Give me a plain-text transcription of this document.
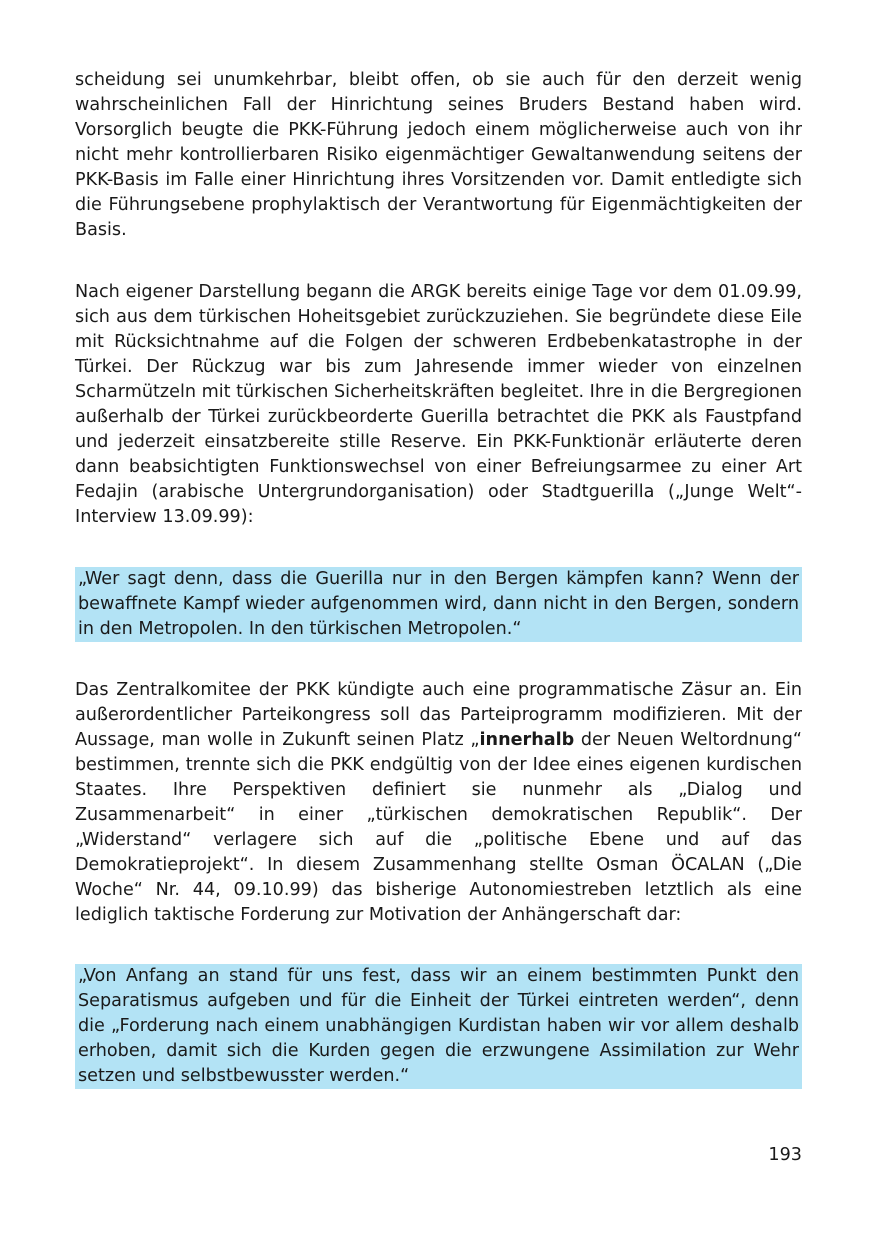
scheidung sei unumkehrbar, bleibt offen, ob sie auch für den derzeit wenig wahrscheinlichen Fall der Hinrichtung seines Bruders Bestand haben wird. Vorsorglich beugte die PKK-Führung jedoch einem möglicherweise auch von ihr nicht mehr kontrollierbaren Risiko eigenmächtiger Gewaltanwendung seitens der PKK-Basis im Falle einer Hinrichtung ihres Vorsitzenden vor. Damit entledigte sich die Führungsebene prophylaktisch der Verantwortung für Eigenmächtigkeiten der Basis.

Nach eigener Darstellung begann die ARGK bereits einige Tage vor dem 01.09.99, sich aus dem türkischen Hoheitsgebiet zurückzuziehen. Sie begründete diese Eile mit Rücksichtnahme auf die Folgen der schweren Erdbebenkatastrophe in der Türkei. Der Rückzug war bis zum Jahresende immer wieder von einzelnen Scharmützeln mit türkischen Sicherheitskräften begleitet. Ihre in die Bergregionen außerhalb der Türkei zurückbeorderte Guerilla betrachtet die PKK als Faustpfand und jederzeit einsatzbereite stille Reserve. Ein PKK-Funktionär erläuterte deren dann beabsichtigten Funktionswechsel von einer Befreiungsarmee zu einer Art Fedajin (arabische Untergrundorganisation) oder Stadtguerilla („Junge Welt“-Interview 13.09.99):

„Wer sagt denn, dass die Guerilla nur in den Bergen kämpfen kann? Wenn der bewaffnete Kampf wieder aufgenommen wird, dann nicht in den Bergen, sondern in den Metropolen. In den türkischen Metropolen.“

Das Zentralkomitee der PKK kündigte auch eine programmatische Zäsur an. Ein außerordentlicher Parteikongress soll das Parteiprogramm modifizieren. Mit der Aussage, man wolle in Zukunft seinen Platz „innerhalb der Neuen Weltordnung“ bestimmen, trennte sich die PKK endgültig von der Idee eines eigenen kurdischen Staates. Ihre Perspektiven definiert sie nunmehr als „Dialog und Zusammenarbeit“ in einer „türkischen demokratischen Republik“. Der „Widerstand“ verlagere sich auf die „politische Ebene und auf das Demokratieprojekt“. In diesem Zusammenhang stellte Osman ÖCALAN („Die Woche“ Nr. 44, 09.10.99) das bisherige Autonomiestreben letztlich als eine lediglich taktische Forderung zur Motivation der Anhängerschaft dar:

„Von Anfang an stand für uns fest, dass wir an einem bestimmten Punkt den Separatismus aufgeben und für die Einheit der Türkei eintreten werden“, denn die „Forderung nach einem unabhängigen Kurdistan haben wir vor allem deshalb erhoben, damit sich die Kurden gegen die erzwungene Assimilation zur Wehr setzen und selbstbewusster werden.“

193
